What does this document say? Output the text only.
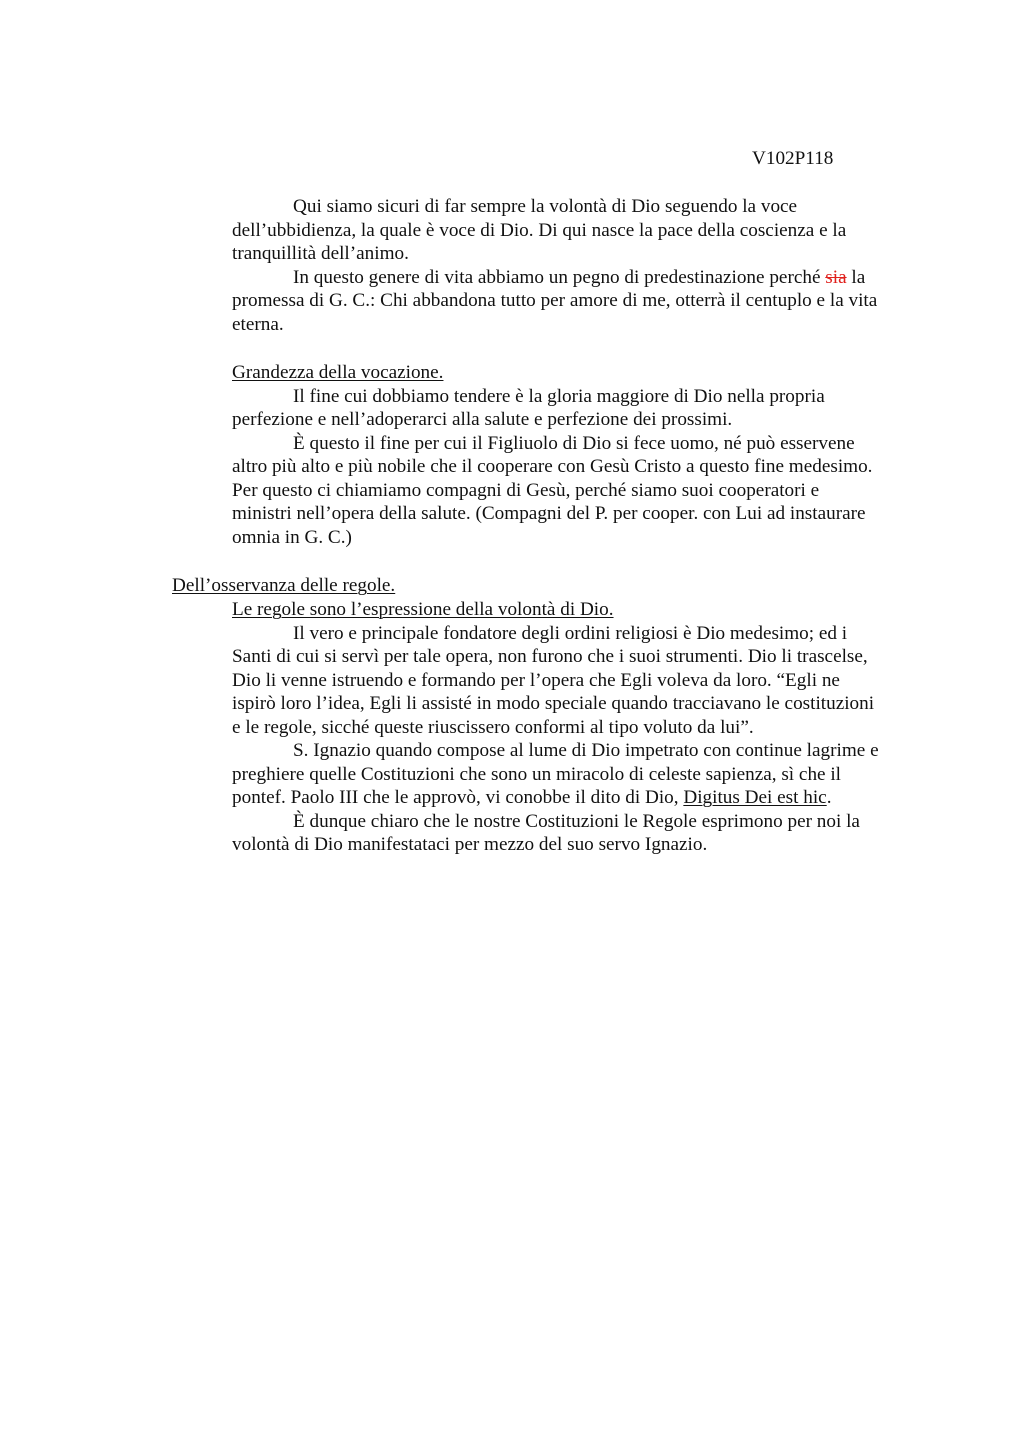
V102P118
Qui siamo sicuri di far sempre la volontà di Dio seguendo la voce
dell’ubbidienza, la quale è voce di Dio. Di qui nasce la pace della coscienza e la
tranquillità dell’animo.
In questo genere di vita abbiamo un pegno di predestinazione perché sia la
promessa di G. C.: Chi abbandona tutto per amore di me, otterrà il centuplo e la vita
eterna.
Grandezza della vocazione.
Il fine cui dobbiamo tendere è la gloria maggiore di Dio nella propria
perfezione e nell’adoperarci alla salute e perfezione dei prossimi.
È questo il fine per cui il Figliuolo di Dio si fece uomo, né può esservene
altro più alto e più nobile che il cooperare con Gesù Cristo a questo fine medesimo.
Per questo ci chiamiamo compagni di Gesù, perché siamo suoi cooperatori e
ministri nell’opera della salute. (Compagni del P. per cooper. con Lui ad instaurare
omnia in G. C.)
Dell’osservanza delle regole.
Le regole sono l’espressione della volontà di Dio.
Il vero e principale fondatore degli ordini religiosi è Dio medesimo; ed i
Santi di cui si servì per tale opera, non furono che i suoi strumenti. Dio li trascelse,
Dio li venne istruendo e formando per l’opera che Egli voleva da loro. “Egli ne
ispirò loro l’idea, Egli li assisté in modo speciale quando tracciavano le costituzioni
e le regole, sicché queste riuscissero conformi al tipo voluto da lui”.
S. Ignazio quando compose al lume di Dio impetrato con continue lagrime e
preghiere quelle Costituzioni che sono un miracolo di celeste sapienza, sì che il
pontef. Paolo III che le approvò, vi conobbe il dito di Dio, Digitus Dei est hic.
È dunque chiaro che le nostre Costituzioni le Regole esprimono per noi la
volontà di Dio manifestataci per mezzo del suo servo Ignazio.
